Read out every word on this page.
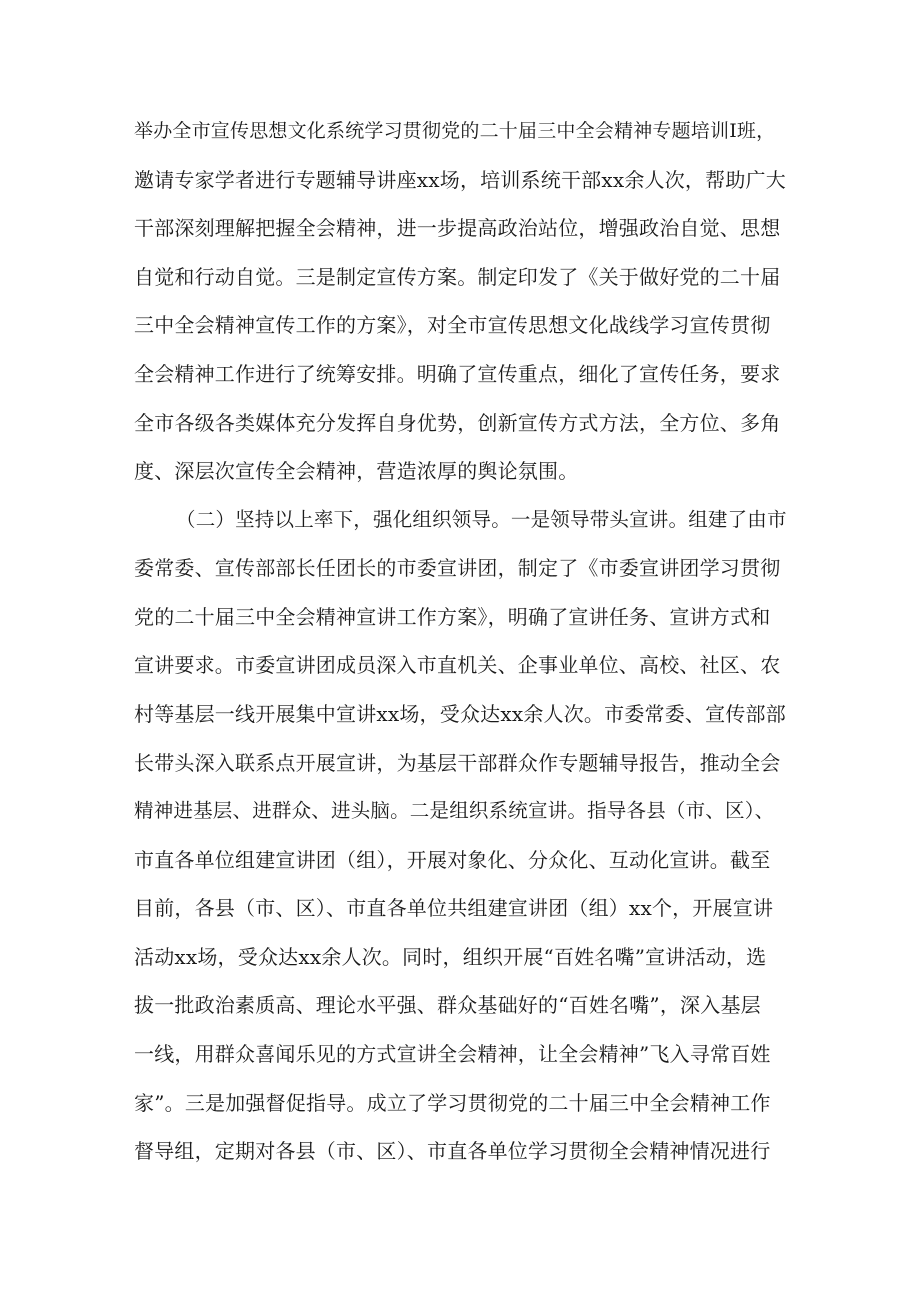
举办全市宣传思想文化系统学习贯彻党的二十届三中全会精神专题培训I班，
邀请专家学者进行专题辅导讲座xx场，培训系统干部xx余人次，帮助广大
干部深刻理解把握全会精神，进一步提高政治站位，增强政治自觉、思想
自觉和行动自觉。三是制定宣传方案。制定印发了《关于做好党的二十届
三中全会精神宣传工作的方案》，对全市宣传思想文化战线学习宣传贯彻
全会精神工作进行了统筹安排。明确了宣传重点，细化了宣传任务，要求
全市各级各类媒体充分发挥自身优势，创新宣传方式方法，全方位、多角
度、深层次宣传全会精神，营造浓厚的舆论氛围。
（二）坚持以上率下，强化组织领导。一是领导带头宣讲。组建了由市
委常委、宣传部部长任团长的市委宣讲团，制定了《市委宣讲团学习贯彻
党的二十届三中全会精神宣讲工作方案》，明确了宣讲任务、宣讲方式和
宣讲要求。市委宣讲团成员深入市直机关、企事业单位、高校、社区、农
村等基层一线开展集中宣讲xx场，受众达xx余人次。市委常委、宣传部部
长带头深入联系点开展宣讲，为基层干部群众作专题辅导报告，推动全会
精神进基层、进群众、进头脑。二是组织系统宣讲。指导各县（市、区）、
市直各单位组建宣讲团（组），开展对象化、分众化、互动化宣讲。截至
目前，各县（市、区）、市直各单位共组建宣讲团（组）xx个，开展宣讲
活动xx场，受众达xx余人次。同时，组织开展“百姓名嘴”宣讲活动，选
拔一批政治素质高、理论水平强、群众基础好的“百姓名嘴”，深入基层
一线，用群众喜闻乐见的方式宣讲全会精神，让全会精神”飞入寻常百姓
家”。三是加强督促指导。成立了学习贯彻党的二十届三中全会精神工作
督导组，定期对各县（市、区）、市直各单位学习贯彻全会精神情况进行
